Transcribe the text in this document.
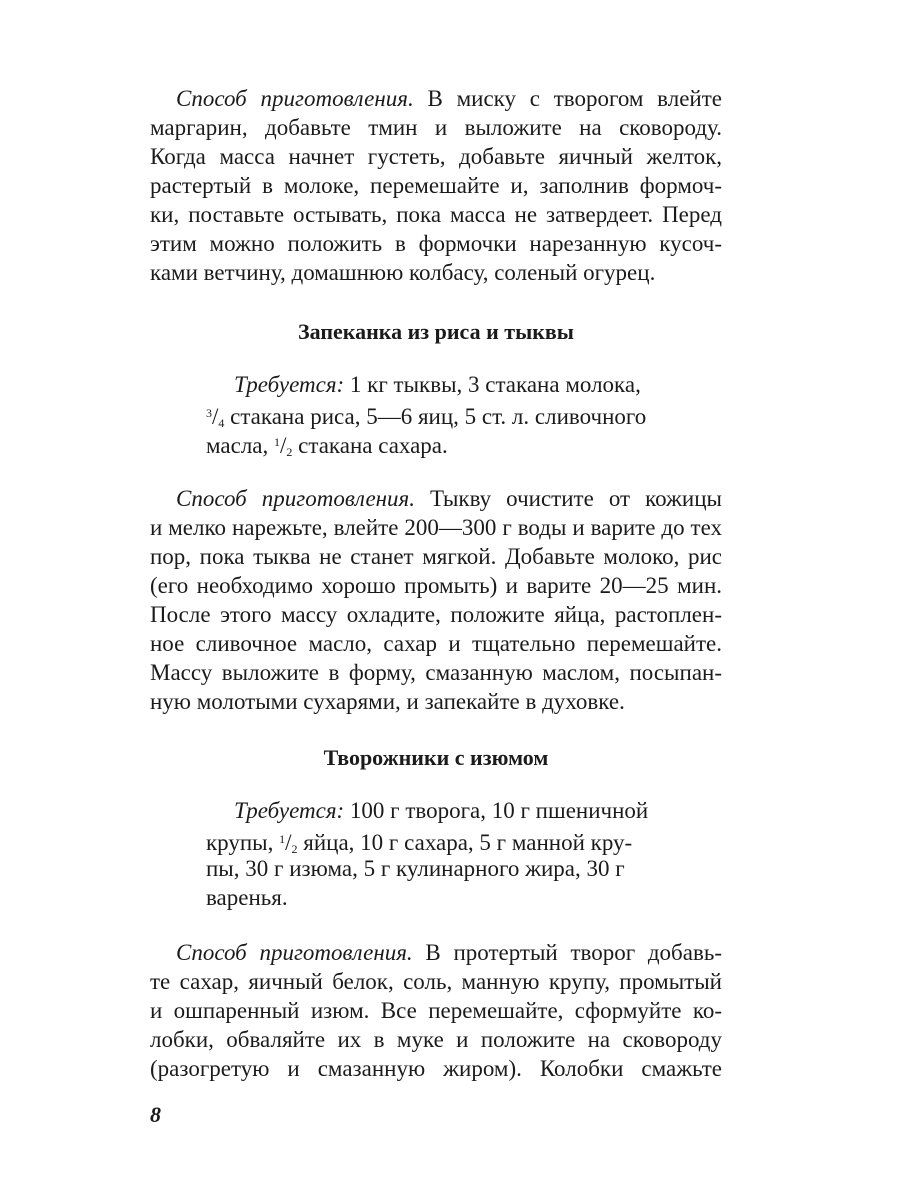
Способ приготовления. В миску с творогом влейте
маргарин, добавьте тмин и выложите на сковороду.
Когда масса начнет густеть, добавьте яичный желток,
растертый в молоке, перемешайте и, заполнив формоч-
ки, поставьте остывать, пока масса не затвердеет. Перед
этим можно положить в формочки нарезанную кусоч-
ками ветчину, домашнюю колбасу, соленый огурец.
Запеканка из риса и тыквы
Требуется: 1 кг тыквы, 3 стакана молока,
$^3/_4$ стакана риса, 5—6 яиц, 5 ст. л. сливочного
масла, $^1/_2$ стакана сахара.
Способ приготовления. Тыкву очистите от кожицы
и мелко нарежьте, влейте 200—300 г воды и варите до тех
пор, пока тыква не станет мягкой. Добавьте молоко, рис
(его необходимо хорошо промыть) и варите 20—25 мин.
После этого массу охладите, положите яйца, растоплен-
ное сливочное масло, сахар и тщательно перемешайте.
Массу выложите в форму, смазанную маслом, посыпан-
ную молотыми сухарями, и запекайте в духовке.
Творожники с изюмом
Требуется: 100 г творога, 10 г пшеничной
крупы, $^1/_2$ яйца, 10 г сахара, 5 г манной кру-
пы, 30 г изюма, 5 г кулинарного жира, 30 г
варенья.
Способ приготовления. В протертый творог добавь-
те сахар, яичный белок, соль, манную крупу, промытый
и ошпаренный изюм. Все перемешайте, сформуйте ко-
лобки, обваляйте их в муке и положите на сковороду
(разогретую и смазанную жиром). Колобки смажьте
8
